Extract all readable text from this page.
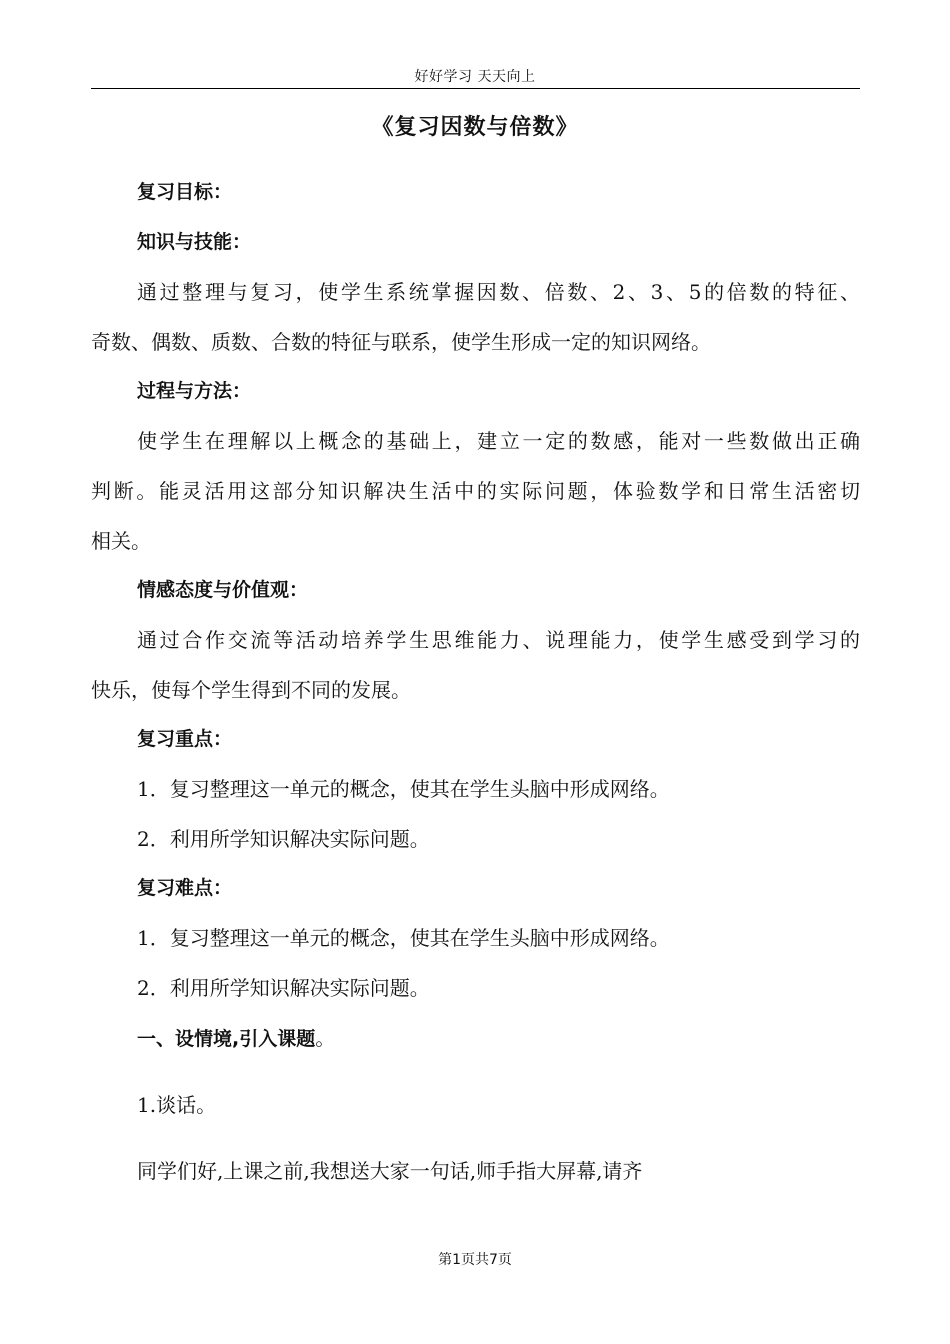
好好学习 天天向上
《复习因数与倍数》
复习目标：
知识与技能：
通过整理与复习，使学生系统掌握因数、倍数、2、3、5的倍数的特征、
奇数、偶数、质数、合数的特征与联系，使学生形成一定的知识网络。
过程与方法：
使学生在理解以上概念的基础上，建立一定的数感，能对一些数做出正确
判断。能灵活用这部分知识解决生活中的实际问题，体验数学和日常生活密切
相关。
情感态度与价值观：
通过合作交流等活动培养学生思维能力、说理能力，使学生感受到学习的
快乐，使每个学生得到不同的发展。
复习重点：
1．复习整理这一单元的概念，使其在学生头脑中形成网络。
2．利用所学知识解决实际问题。
复习难点：
1．复习整理这一单元的概念，使其在学生头脑中形成网络。
2．利用所学知识解决实际问题。
一、设情境,引入课题。
1.谈话。
同学们好,上课之前,我想送大家一句话,师手指大屏幕,请齐
第1页共7页
